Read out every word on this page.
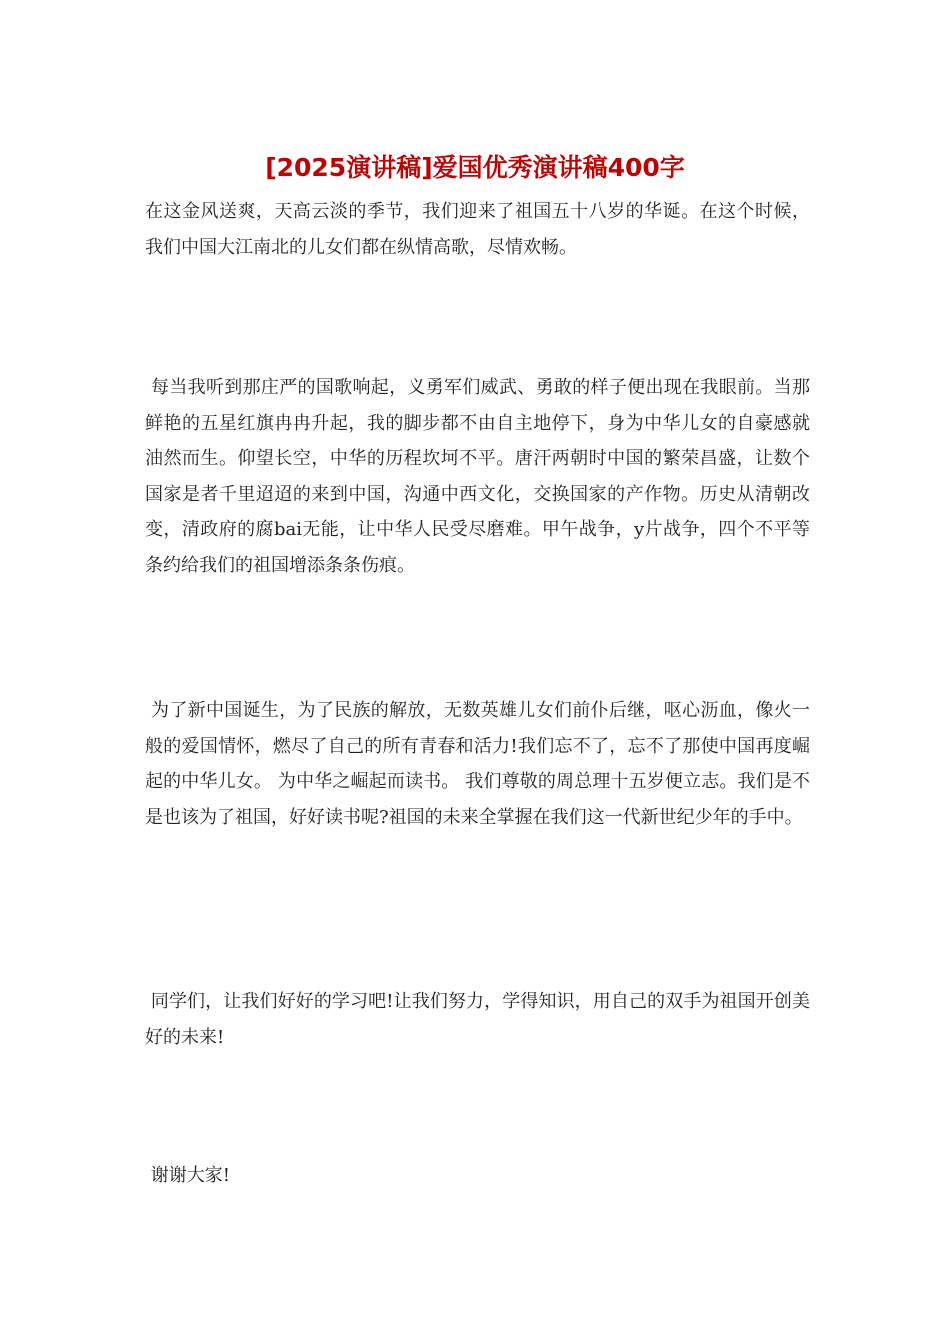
[2025演讲稿]爱国优秀演讲稿400字

在这金风送爽，天高云淡的季节，我们迎来了祖国五十八岁的华诞。在这个时候，我们中国大江南北的儿女们都在纵情高歌，尽情欢畅。

每当我听到那庄严的国歌响起，义勇军们威武、勇敢的样子便出现在我眼前。当那鲜艳的五星红旗冉冉升起，我的脚步都不由自主地停下，身为中华儿女的自豪感就油然而生。仰望长空，中华的历程坎坷不平。唐汗两朝时中国的繁荣昌盛，让数个国家是者千里迢迢的来到中国，沟通中西文化，交换国家的产作物。历史从清朝改变，清政府的腐bai无能，让中华人民受尽磨难。甲午战争，y片战争，四个不平等条约给我们的祖国增添条条伤痕。

为了新中国诞生，为了民族的解放，无数英雄儿女们前仆后继，呕心沥血，像火一般的爱国情怀，燃尽了自己的所有青春和活力!我们忘不了，忘不了那使中国再度崛起的中华儿女。 为中华之崛起而读书。 我们尊敬的周总理十五岁便立志。我们是不是也该为了祖国，好好读书呢?祖国的未来全掌握在我们这一代新世纪少年的手中。

同学们，让我们好好的学习吧!让我们努力，学得知识，用自己的双手为祖国开创美好的未来!

谢谢大家!
